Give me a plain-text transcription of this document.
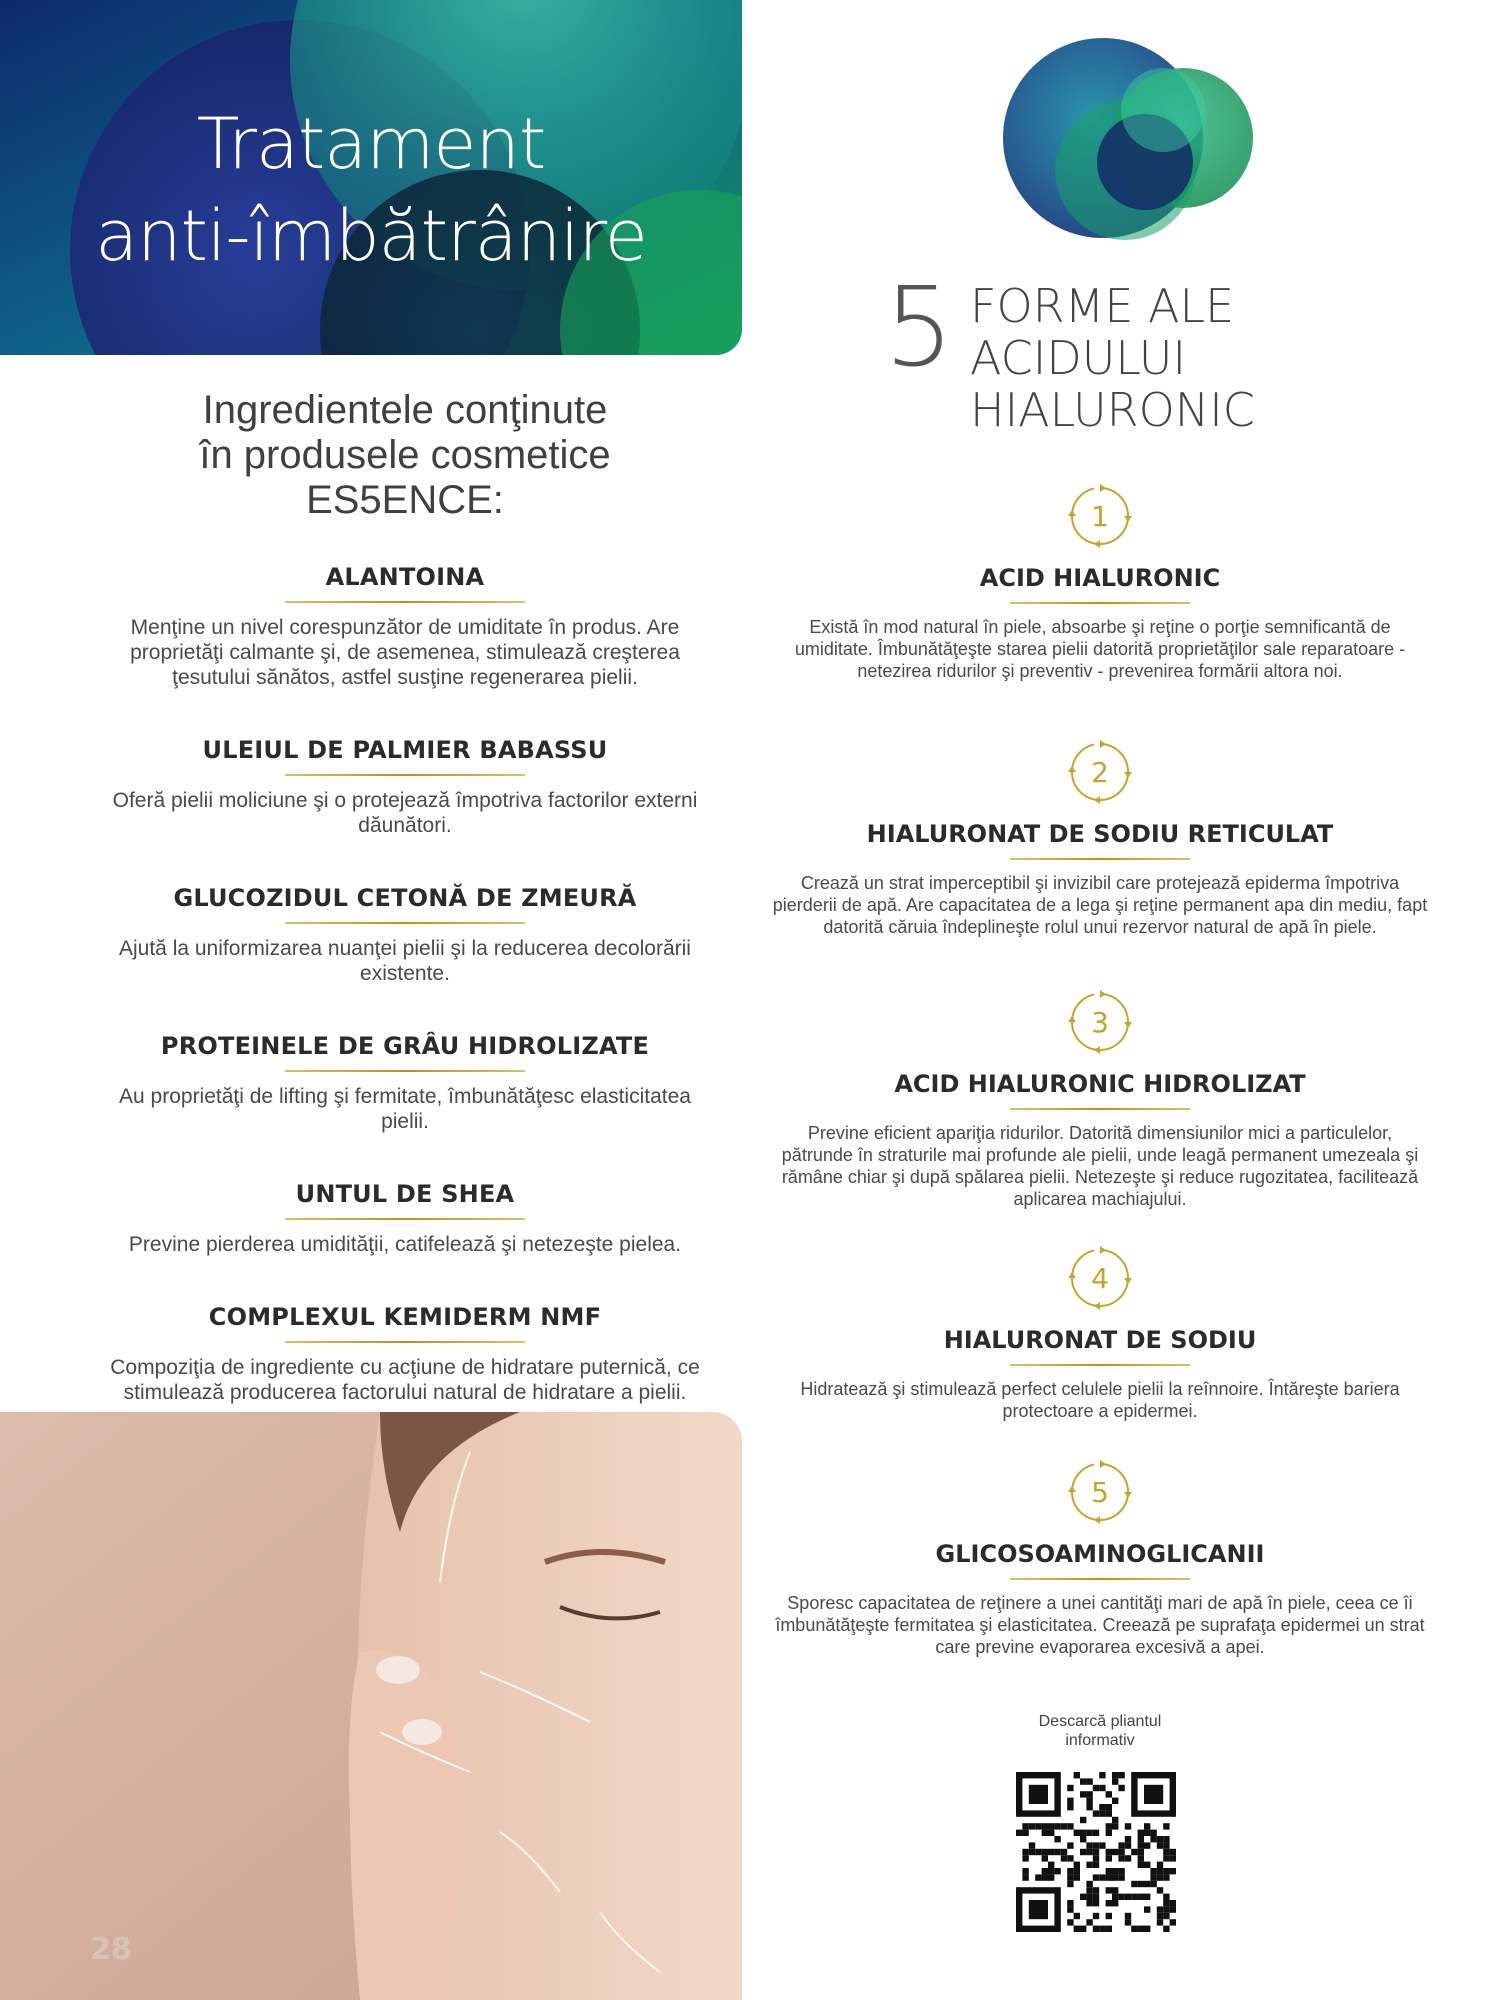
Tratament
anti-îmbătrânire
Ingredientele conţinute
în produsele cosmetice ES5ENCE:
ALANTOINA
Menţine un nivel corespunzător de umiditate în produs. Are proprietăţi calmante şi, de asemenea, stimulează creşterea ţesutului sănătos, astfel susţine regenerarea pielii.
ULEIUL DE PALMIER BABASSU
Oferă pielii moliciune şi o protejează împotriva factorilor externi dăunători.
GLUCOZIDUL CETONĂ DE ZMEURĂ
Ajută la uniformizarea nuanţei pielii şi la reducerea decolorării existente.
PROTEINELE DE GRÂU HIDROLIZATE
Au proprietăţi de lifting şi fermitate, îmbunătăţesc elasticitatea pielii.
UNTUL DE SHEA
Previne pierderea umidităţii, catifelează şi netezeşte pielea.
COMPLEXUL KEMIDERM NMF
Compoziţia de ingrediente cu acţiune de hidratare puternică, ce stimulează producerea factorului natural de hidratare a pielii.
28
5 FORME ALE ACIDULUI
HIALURONIC
1
ACID HIALURONIC
Există în mod natural în piele, absoarbe şi reţine o porţie semnificantă de umiditate. Îmbunătăţeşte starea pielii datorită proprietăţilor sale reparatoare - netezirea ridurilor şi preventiv - prevenirea formării altora noi.
2
HIALURONAT DE SODIU RETICULAT
Crează un strat imperceptibil şi invizibil care protejează epiderma împotriva pierderii de apă. Are capacitatea de a lega şi reţine permanent apa din mediu, fapt datorită căruia îndeplineşte rolul unui rezervor natural de apă în piele.
3
ACID HIALURONIC HIDROLIZAT
Previne eficient apariţia ridurilor. Datorită dimensiunilor mici a particulelor, pătrunde în straturile mai profunde ale pielii, unde leagă permanent umezeala şi rămâne chiar şi după spălarea pielii. Netezeşte şi reduce rugozitatea, facilitează aplicarea machiajului.
4
HIALURONAT DE SODIU
Hidratează şi stimulează perfect celulele pielii la reînnoire. Întăreşte bariera protectoare a epidermei.
5
GLICOSOAMINOGLICANII
Sporesc capacitatea de reţinere a unei cantităţi mari de apă în piele, ceea ce îi îmbunătăţeşte fermitatea şi elasticitatea. Creează pe suprafaţa epidermei un strat care previne evaporarea excesivă a apei.
Descarcă pliantul
informativ
